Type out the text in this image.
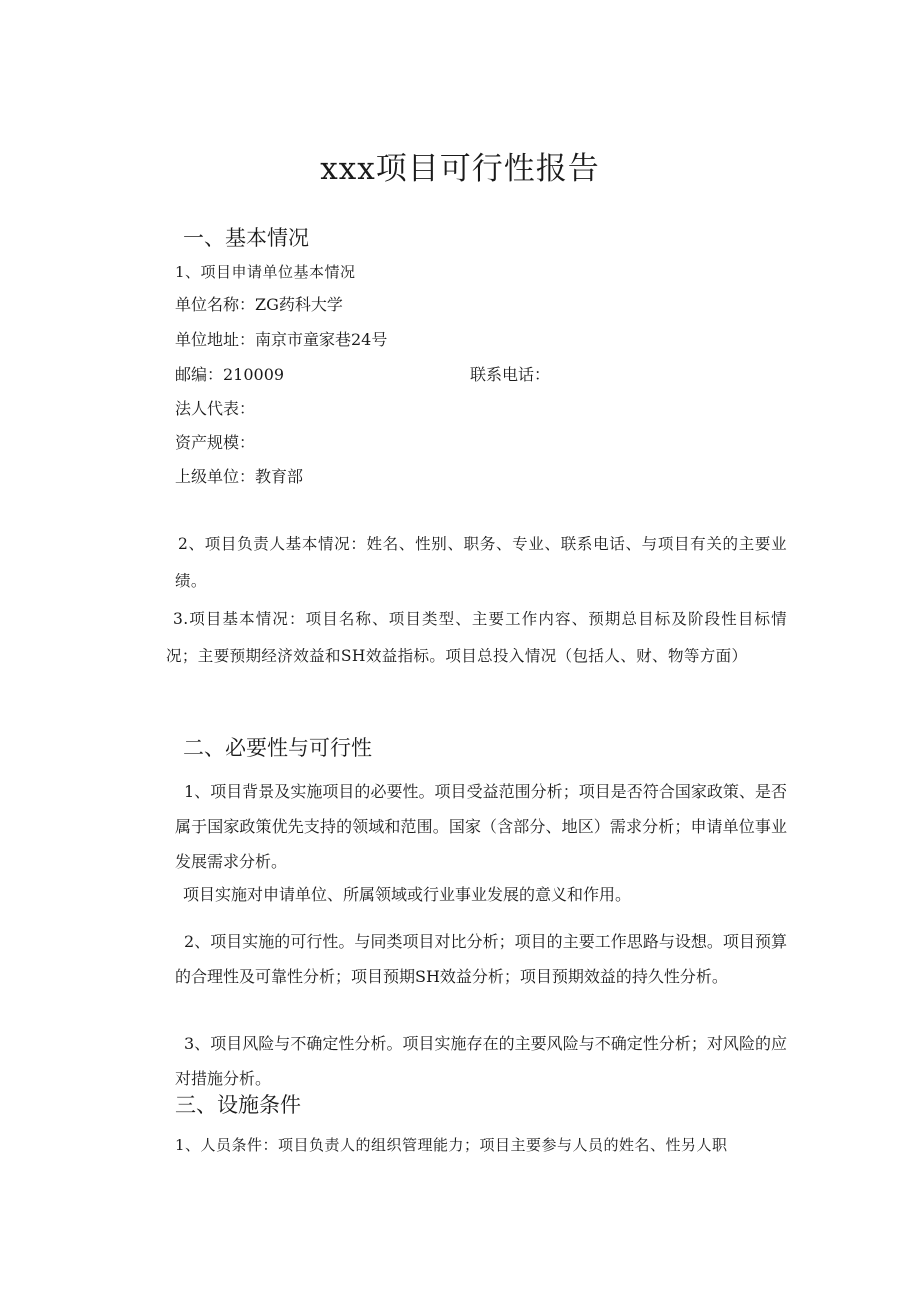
xxx项目可行性报告
一、基本情况
1、项目申请单位基本情况
单位名称：ZG药科大学
单位地址：南京市童家巷24号
邮编：210009	联系电话：
法人代表：
资产规模：
上级单位：教育部
2、项目负责人基本情况：姓名、性别、职务、专业、联系电话、与项目有关的主要业绩。
3.项目基本情况：项目名称、项目类型、主要工作内容、预期总目标及阶段性目标情况；主要预期经济效益和SH效益指标。项目总投入情况（包括人、财、物等方面）
二、必要性与可行性
1、项目背景及实施项目的必要性。项目受益范围分析；项目是否符合国家政策、是否属于国家政策优先支持的领域和范围。国家（含部分、地区）需求分析；申请单位事业发展需求分析。
项目实施对申请单位、所属领域或行业事业发展的意义和作用。
2、项目实施的可行性。与同类项目对比分析；项目的主要工作思路与设想。项目预算的合理性及可靠性分析；项目预期SH效益分析；项目预期效益的持久性分析。
3、项目风险与不确定性分析。项目实施存在的主要风险与不确定性分析；对风险的应对措施分析。
三、设施条件
1、人员条件：项目负责人的组织管理能力；项目主要参与人员的姓名、性另人职
